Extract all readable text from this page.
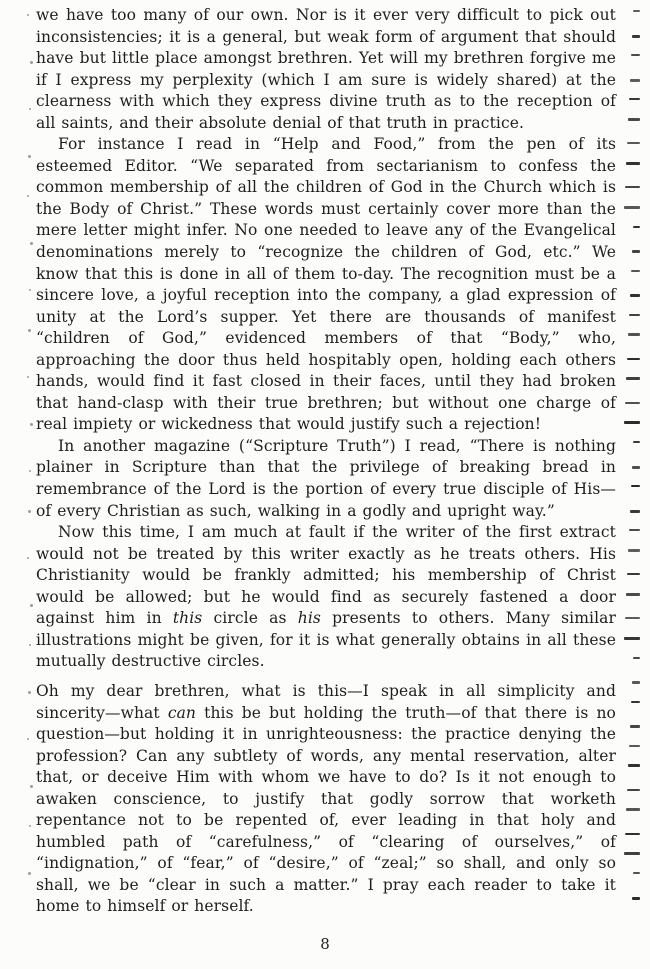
we have too many of our own. Nor is it ever very difficult to pick out inconsistencies; it is a general, but weak form of argument that should have but little place amongst brethren. Yet will my brethren forgive me if I express my perplexity (which I am sure is widely shared) at the clearness with which they express divine truth as to the reception of all saints, and their absolute denial of that truth in practice.

For instance I read in “Help and Food,” from the pen of its esteemed Editor. “We separated from sectarianism to confess the common membership of all the children of God in the Church which is the Body of Christ.” These words must certainly cover more than the mere letter might infer. No one needed to leave any of the Evangelical denominations merely to “recognize the children of God, etc.” We know that this is done in all of them to-day. The recognition must be a sincere love, a joyful reception into the company, a glad expression of unity at the Lord’s supper. Yet there are thousands of manifest “children of God,” evidenced members of that “Body,” who, approaching the door thus held hospitably open, holding each others hands, would find it fast closed in their faces, until they had broken that hand-clasp with their true brethren; but without one charge of real impiety or wickedness that would justify such a rejection!

In another magazine (“Scripture Truth”) I read, “There is nothing plainer in Scripture than that the privilege of breaking bread in remembrance of the Lord is the portion of every true disciple of His—of every Christian as such, walking in a godly and upright way.”

Now this time, I am much at fault if the writer of the first extract would not be treated by this writer exactly as he treats others. His Christianity would be frankly admitted; his membership of Christ would be allowed; but he would find as securely fastened a door against him in this circle as his presents to others. Many similar illustrations might be given, for it is what generally obtains in all these mutually destructive circles.

Oh my dear brethren, what is this—I speak in all simplicity and sincerity—what can this be but holding the truth—of that there is no question—but holding it in unrighteousness: the practice denying the profession? Can any subtlety of words, any mental reservation, alter that, or deceive Him with whom we have to do? Is it not enough to awaken conscience, to justify that godly sorrow that worketh repentance not to be repented of, ever leading in that holy and humbled path of “carefulness,” of “clearing of ourselves,” of “indignation,” of “fear,” of “desire,” of “zeal;” so shall, and only so shall, we be “clear in such a matter.” I pray each reader to take it home to himself or herself.

8
